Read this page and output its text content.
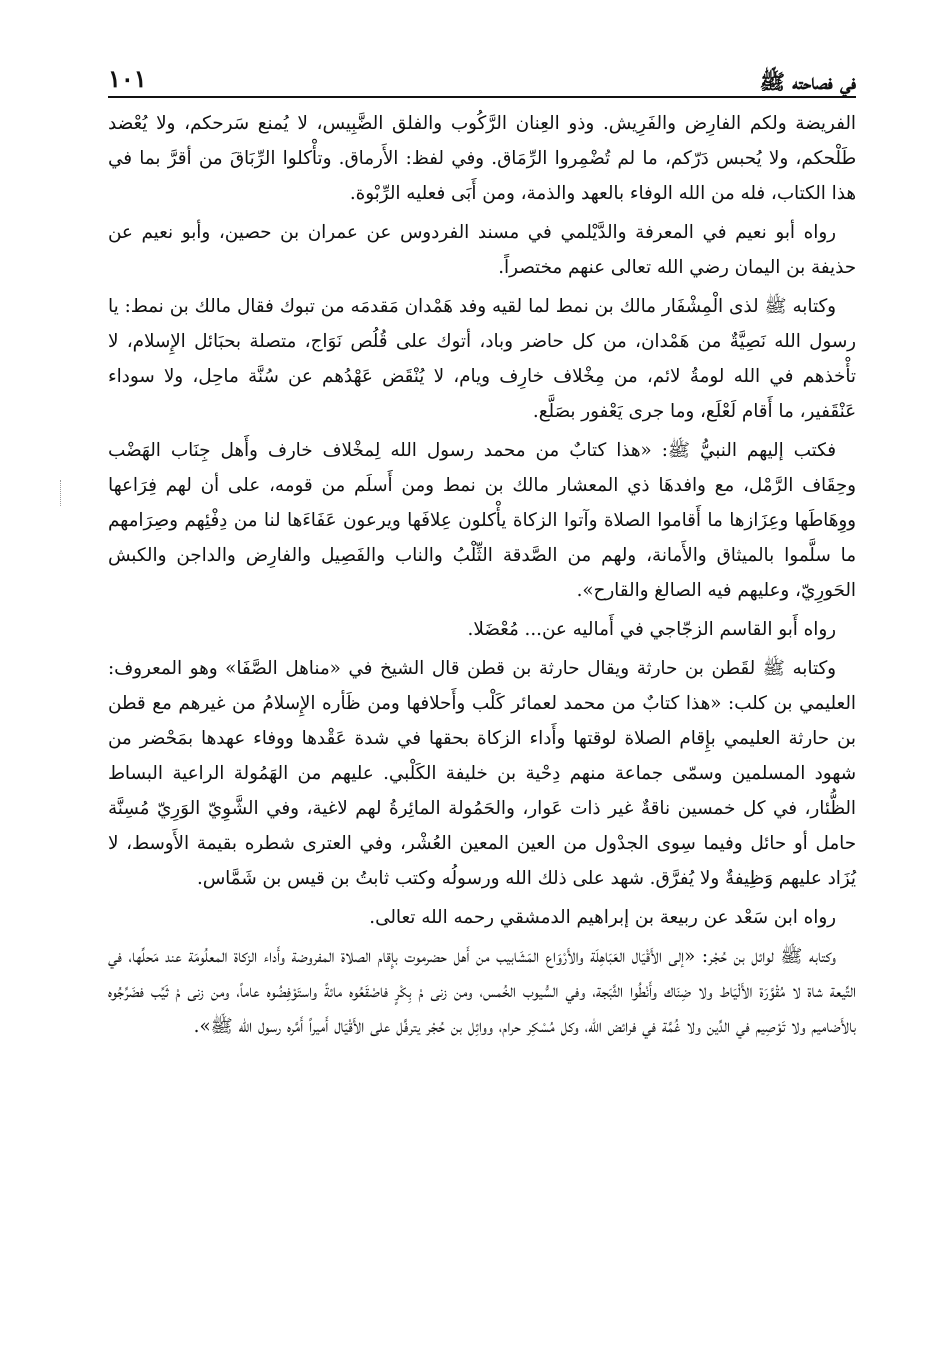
في فصاحته ﷺ
١٠١

الفريضة ولكم الفارِض والفَرِيش. وذو العِنان الرَّكُوب والفلق الضَّبِيس، لا يُمنع سَرحكم، ولا يُعْضد طَلْحكم، ولا يُحبس دَرّكم، ما لم تُضْمِروا الرِّمَاق. وفي لفظ: الأَرماق. وتأْكلوا الرِّبَاقَ من أقرَّ بما في هذا الكتاب، فله من الله الوفاء بالعهد والذمة، ومن أَبَى فعليه الرِّبْوة.

رواه أبو نعيم في المعرفة والدَّيْلمي في مسند الفردوس عن عمران بن حصين، وأبو نعيم عن حذيفة بن اليمان رضي الله تعالى عنهم مختصراً.

وكتابه ﷺ لذى الْمِشْفَار مالك بن نمط لما لقيه وفد هَمْدان مَقدمَه من تبوك فقال مالك بن نمط: يا رسول الله نَصِيَّةٌ من هَمْدان، من كل حاضر وباد، أتوك على قُلُص نَوَاج، متصلة بحبَائل الإِسلام، لا تأْخذهم في الله لومةُ لائم، من مِخْلاف خارِف ويام، لا يُنْقَض عَهْدُهم عن سُنَّة ماحِل، ولا سوداء عَنْقَفير، ما أَقام لَعْلَع، وما جرى يَعْفور بصَلَّع.

فكتب إليهم النبيُّ ﷺ: «هذا كتابٌ من محمد رسول الله لِمخْلاف خارف وأَهل جِنَاب الهَضْب وحِقَاف الرَّمْل، مع وافدهَا ذي المعشار مالك بن نمط ومن أَسلَم من قومه، على أن لهم فِرَاعها ووِهَاطَها وعِزَازها ما أَقاموا الصلاة وآتوا الزكاة يأْكلون عِلافَها ويرعون عَفَاءَها لنا من دِفْئِهم وصِرَامهم ما سلَّموا بالميثاق والأَمانة، ولهم من الصَّدقة الثِّلْبُ والناب والفَصِيل والفارِض والداجن والكبش الحَورِيّ، وعليهم فيه الصالغ والقارح».

رواه أَبو القاسم الزجّاجي في أَماليه عن... مُعْضَلا.

وكتابه ﷺ لقَطن بن حارثة ويقال حارثة بن قطن قال الشيخ في «مناهل الصَّفَا» وهو المعروف: العليمي بن كلب: «هذا كتابٌ من محمد لعمائر كَلْب وأَحلافها ومن ظَأره الإِسلامُ من غيرهم مع قطن بن حارثة العليمي بإِقام الصلاة لوقتها وأَداء الزكاة بحقها في شدة عَقْدها ووفاء عهدها بمَحْضر من شهود المسلمين وسمّى جماعة منهم دِحْية بن خليفة الكَلْبي. عليهم من الهَمُولة الراعية البساط الظُّئار، في كل خمسين ناقةٌ غير ذات عَوار، والحَمُولة المائِرةُ لهم لاغية، وفي الشَّوِيّ الوَرِيّ مُسِنَّة حامل أو حائل وفيما سِوى الجدْول من العين المعين العُشْر، وفي العترى شطره بقيمة الأَوسط، لا يُزَاد عليهم وَظِيفةٌ ولا يُفرَّق. شهد على ذلك الله ورسولُه وكتب ثابتُ بن قيس بن شَمَّاس.

رواه ابن سَعْد عن ربيعة بن إبراهيم الدمشقي رحمه الله تعالى.

وكتابه ﷺ لوائل بن حُجْر: «إلى الأَقْيَال العَبَاهِلَة والأَرْوَاع المَشَابيب من أَهل حضرموت بإِقام الصلاة المفروضة وأَداء الزكاة المعلُومَة عند مَحلِّها، في التِّيعة شاة لا مُقْوَّرَة الأَلْيَاط ولا ضِنَاك وأَنْطُوا الثَّبَجة، وفي السُّيوب الخُمس، ومن زنى مْ بِكْرٍ فاصْقَعُوه مائةً واستَوْفِضُوه عاماً، ومن زنى مْ ثَيِّب فضَرِّجُوه بالأَضاميم ولا تَوْصِيم في الدِّين ولا غُمَّة في فرائض الله، وكل مُسْكِر حرام، ووائِل بن حُجْر يترفَّل على الأَقْيَال أَميراً أَمَّره رسول الله ﷺ».
